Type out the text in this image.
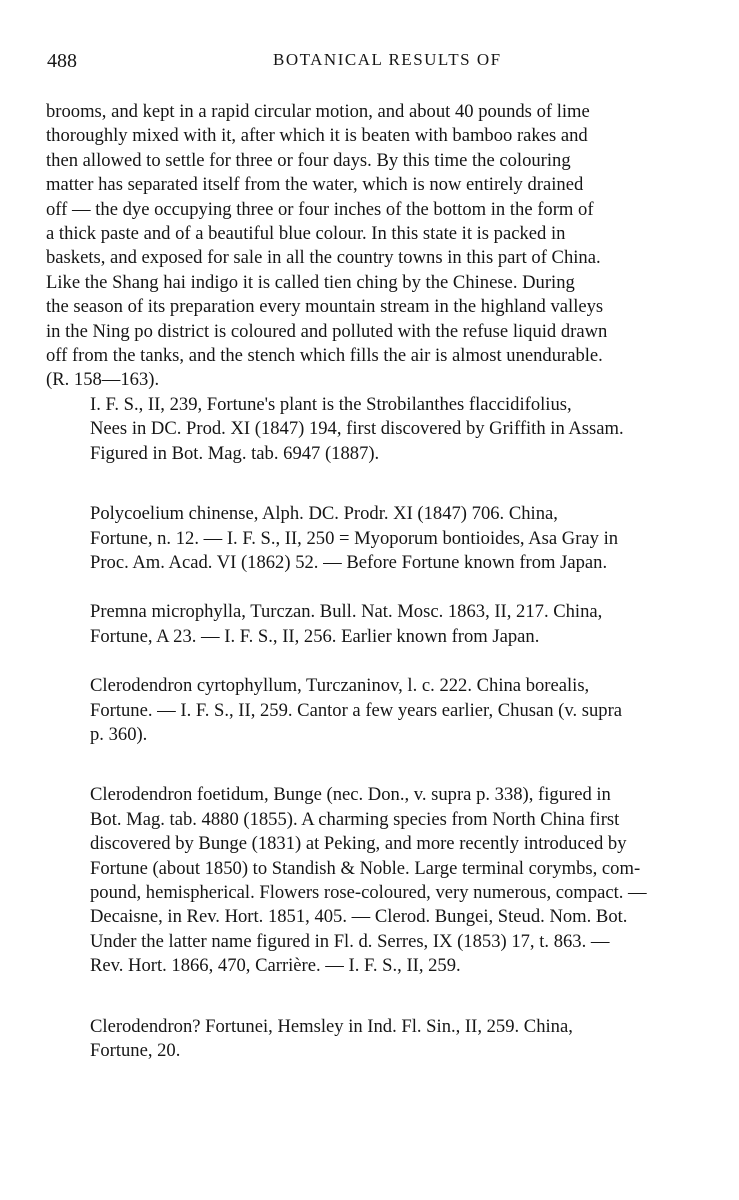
488	BOTANICAL RESULTS OF

brooms, and kept in a rapid circular motion, and about 40 pounds of lime
thoroughly mixed with it, after which it is beaten with bamboo rakes and
then allowed to settle for three or four days. By this time the colouring
matter has separated itself from the water, which is now entirely drained
off — the dye occupying three or four inches of the bottom in the form of
a thick paste and of a beautiful blue colour. In this state it is packed in
baskets, and exposed for sale in all the country towns in this part of China.
Like the Shang hai indigo it is called tien ching by the Chinese. During
the season of its preparation every mountain stream in the highland valleys
in the Ning po district is coloured and polluted with the refuse liquid drawn
off from the tanks, and the stench which fills the air is almost unendurable.
(R. 158—163).

I. F. S., II, 239, Fortune's plant is the Strobilanthes flaccidifolius,
Nees in DC. Prod. XI (1847) 194, first discovered by Griffith in Assam.
Figured in Bot. Mag. tab. 6947 (1887).

Polycoelium chinense, Alph. DC. Prodr. XI (1847) 706. China,
Fortune, n. 12. — I. F. S., II, 250 = Myoporum bontioides, Asa Gray in
Proc. Am. Acad. VI (1862) 52. — Before Fortune known from Japan.

Premna microphylla, Turczan. Bull. Nat. Mosc. 1863, II, 217. China,
Fortune, A 23. — I. F. S., II, 256. Earlier known from Japan.

Clerodendron cyrtophyllum, Turczaninov, l. c. 222. China borealis,
Fortune. — I. F. S., II, 259. Cantor a few years earlier, Chusan (v. supra
p. 360).

Clerodendron foetidum, Bunge (nec. Don., v. supra p. 338), figured in
Bot. Mag. tab. 4880 (1855). A charming species from North China first
discovered by Bunge (1831) at Peking, and more recently introduced by
Fortune (about 1850) to Standish & Noble. Large terminal corymbs, com-
pound, hemispherical. Flowers rose-coloured, very numerous, compact. —
Decaisne, in Rev. Hort. 1851, 405. — Clerod. Bungei, Steud. Nom. Bot.
Under the latter name figured in Fl. d. Serres, IX (1853) 17, t. 863. —
Rev. Hort. 1866, 470, Carrière. — I. F. S., II, 259.

Clerodendron? Fortunei, Hemsley in Ind. Fl. Sin., II, 259. China,
Fortune, 20.
